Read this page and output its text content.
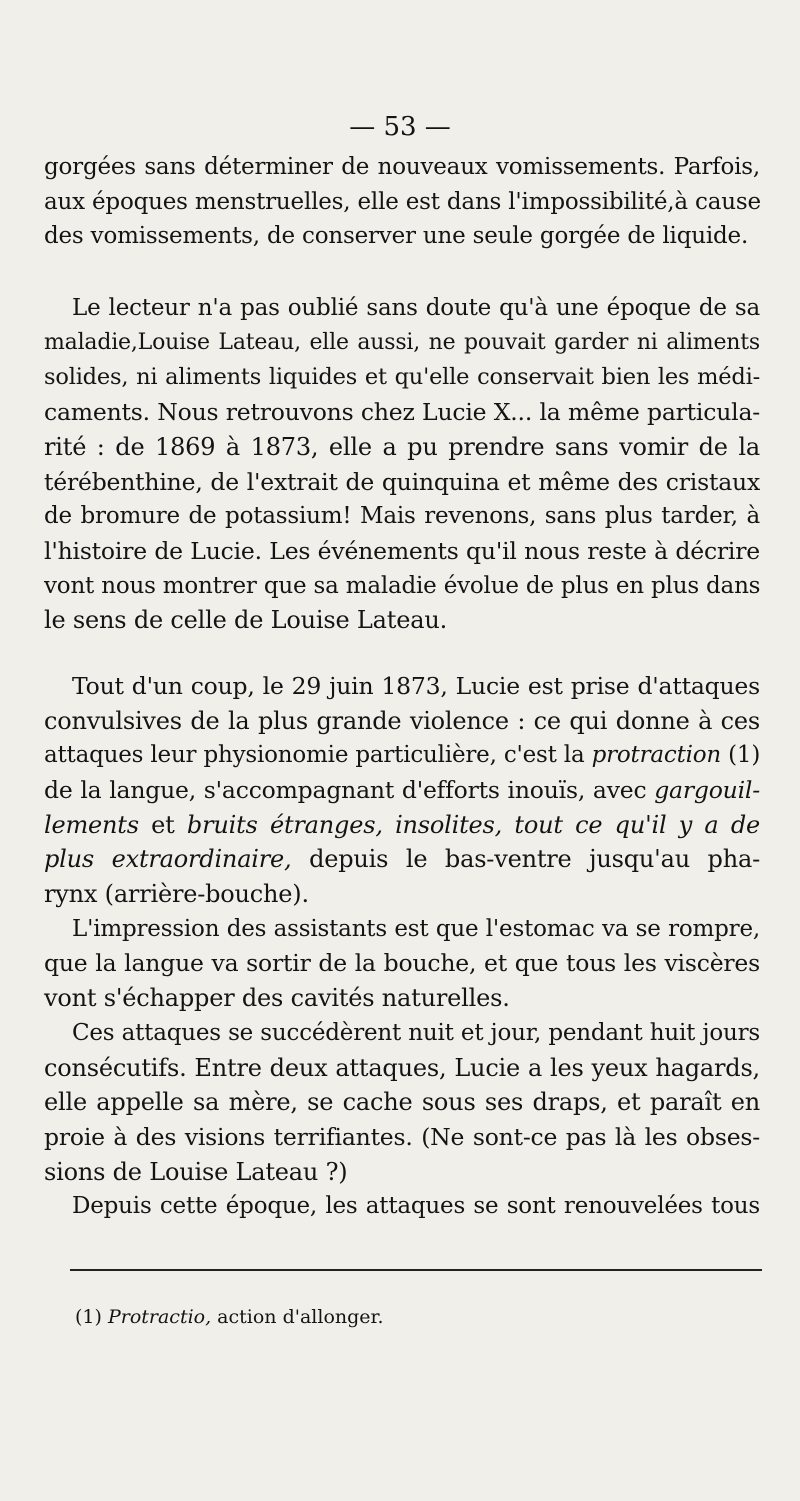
— 53 —
gorgées sans déterminer de nouveaux vomissements. Parfois,
aux époques menstruelles, elle est dans l'impossibilité,à cause
des vomissements, de conserver une seule gorgée de liquide.
Le lecteur n'a pas oublié sans doute qu'à une époque de sa
maladie,Louise Lateau, elle aussi, ne pouvait garder ni aliments
solides, ni aliments liquides et qu'elle conservait bien les médi-
caments. Nous retrouvons chez Lucie X... la même particula-
rité : de 1869 à 1873, elle a pu prendre sans vomir de la
térébenthine, de l'extrait de quinquina et même des cristaux
de bromure de potassium! Mais revenons, sans plus tarder, à
l'histoire de Lucie. Les événements qu'il nous reste à décrire
vont nous montrer que sa maladie évolue de plus en plus dans
le sens de celle de Louise Lateau.
Tout d'un coup, le 29 juin 1873, Lucie est prise d'attaques
convulsives de la plus grande violence : ce qui donne à ces
attaques leur physionomie particulière, c'est la protraction (1)
de la langue, s'accompagnant d'efforts inouïs, avec gargouil-
lements et bruits étranges, insolites, tout ce qu'il y a de
plus extraordinaire, depuis le bas-ventre jusqu'au pha-
rynx (arrière-bouche).
L'impression des assistants est que l'estomac va se rompre,
que la langue va sortir de la bouche, et que tous les viscères
vont s'échapper des cavités naturelles.
Ces attaques se succédèrent nuit et jour, pendant huit jours
consécutifs. Entre deux attaques, Lucie a les yeux hagards,
elle appelle sa mère, se cache sous ses draps, et paraît en
proie à des visions terrifiantes. (Ne sont-ce pas là les obses-
sions de Louise Lateau ?)
Depuis cette époque, les attaques se sont renouvelées tous
(1) Protractio, action d'allonger.
